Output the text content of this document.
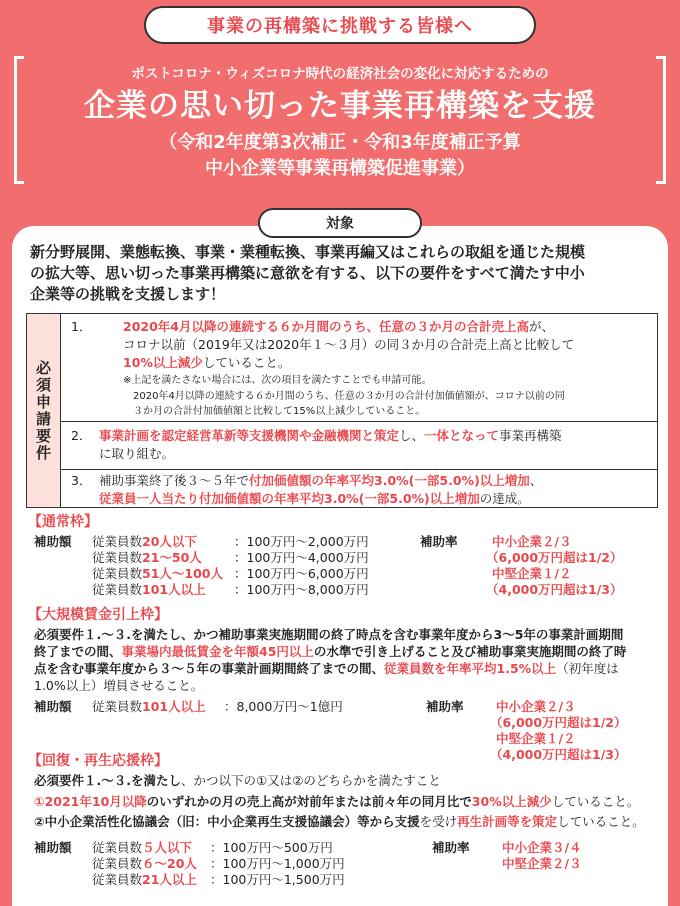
事業の再構築に挑戦する皆様へ
ポストコロナ・ウィズコロナ時代の経済社会の変化に対応するための
企業の思い切った事業再構築を支援
（令和2年度第3次補正・令和3年度補正予算
中小企業等事業再構築促進事業）
対象
新分野展開、業態転換、事業・業種転換、事業再編又はこれらの取組を通じた規模
の拡大等、思い切った事業再構築に意欲を有する、以下の要件をすべて満たす中小
企業等の挑戦を支援します！
必須申請要件
1．	2020年4月以降の連続する６か月間のうち、任意の３か月の合計売上高が、
コロナ以前（2019年又は2020年１～３月）の同３か月の合計売上高と比較して
10%以上減少していること。
※上記を満たさない場合には、次の項目を満たすことでも申請可能。
2020年4月以降の連続する６か月間のうち、任意の３か月の合計付加価値額が、コロナ以前の同
３か月の合計付加価値額と比較して15%以上減少していること。
2． 事業計画を認定経営革新等支援機関や金融機関と策定し、一体となって事業再構築
に取り組む。
3． 補助事業終了後３～５年で付加価値額の年率平均3.0%(一部5.0%)以上増加、
従業員一人当たり付加価値額の年率平均3.0%(一部5.0%)以上増加の達成。
【通常枠】
補助額 従業員数20人以下	：100万円～2,000万円
従業員数21～50人	：100万円～4,000万円
従業員数51人～100人 ：100万円～6,000万円
従業員数101人以上 ：100万円～8,000万円
補助率	中小企業２/３
（6,000万円超は1/2）
中堅企業１/２
（4,000万円超は1/3）
【大規模賃金引上枠】
必須要件１.～３.を満たし、かつ補助事業実施期間の終了時点を含む事業年度から3～5年の事業計画期間
終了までの間、事業場内最低賃金を年額45円以上の水準で引き上げること及び補助事業実施期間の終了時
点を含む事業年度から３～５年の事業計画期間終了までの間、従業員数を年率平均1.5%以上（初年度は
1.0%以上）増員させること。
補助額 従業員数101人以上 ：8,000万円～1億円	補助率	中小企業２/３
（6,000万円超は1/2）
中堅企業１/２
（4,000万円超は1/3）
【回復・再生応援枠】
必須要件１.～３.を満たし、かつ以下の①又は②のどちらかを満たすこと
①2021年10月以降のいずれかの月の売上高が対前年または前々年の同月比で30%以上減少していること。
②中小企業活性化協議会（旧：中小企業再生支援協議会）等から支援を受け再生計画等を策定していること。
補助額 従業員数５人以下 ：100万円～500万円
従業員数６～20人 ：100万円～1,000万円
従業員数21人以上 ：100万円～1,500万円
補助率	中小企業３/４
中堅企業２/３
